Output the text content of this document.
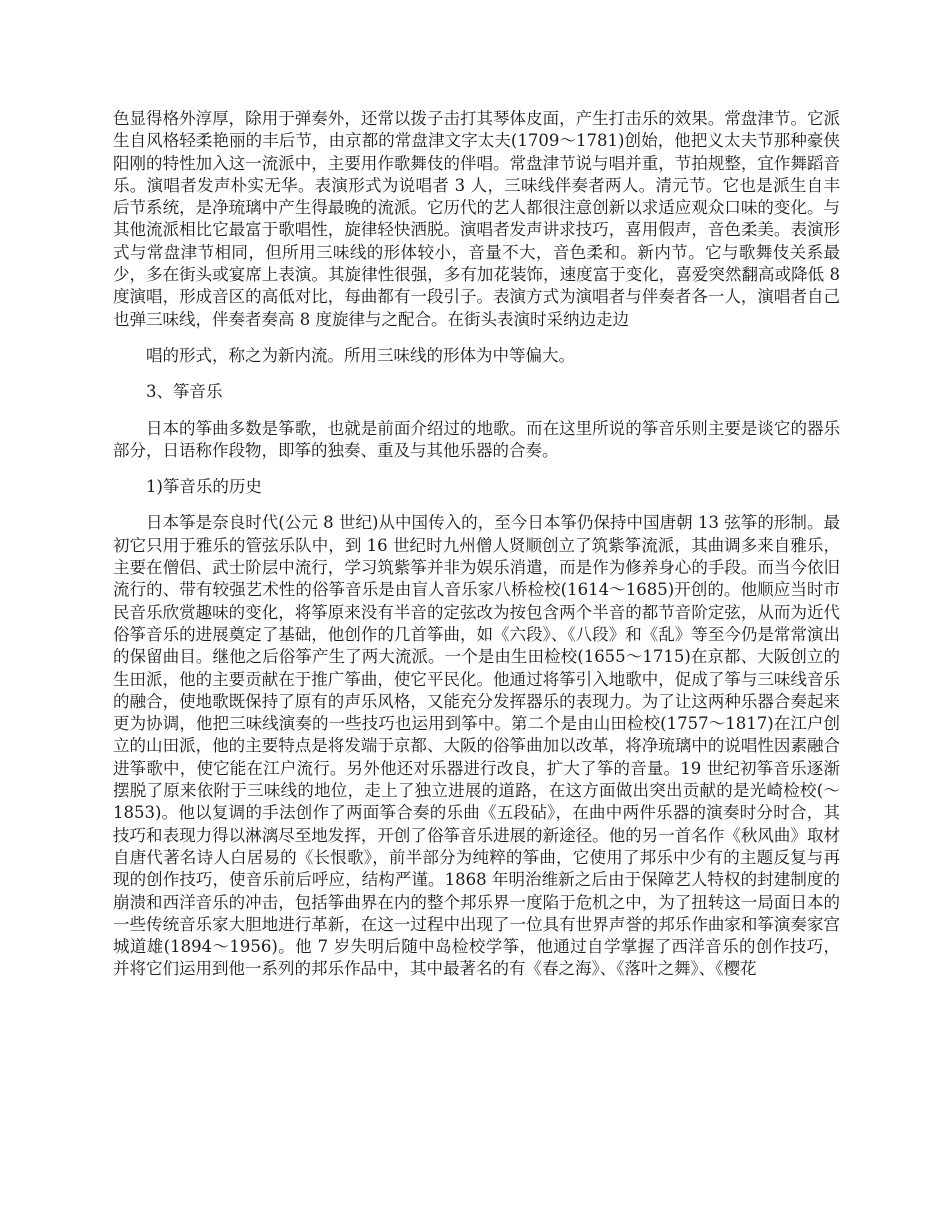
色显得格外淳厚，除用于弹奏外，还常以拨子击打其琴体皮面，产生打击乐的效果。常盘津节。它派生自风格轻柔艳丽的丰后节，由京都的常盘津文字太夫(1709～1781)创始，他把义太夫节那种豪侠阳刚的特性加入这一流派中，主要用作歌舞伎的伴唱。常盘津节说与唱并重，节拍规整，宜作舞蹈音乐。演唱者发声朴实无华。表演形式为说唱者 3 人，三味线伴奏者两人。清元节。它也是派生自丰后节系统，是净琉璃中产生得最晚的流派。它历代的艺人都很注意创新以求适应观众口味的变化。与其他流派相比它最富于歌唱性，旋律轻快洒脱。演唱者发声讲求技巧，喜用假声，音色柔美。表演形式与常盘津节相同，但所用三味线的形体较小，音量不大，音色柔和。新内节。它与歌舞伎关系最少，多在街头或宴席上表演。其旋律性很强，多有加花装饰，速度富于变化，喜爱突然翻高或降低 8 度演唱，形成音区的高低对比，每曲都有一段引子。表演方式为演唱者与伴奏者各一人，演唱者自己也弹三味线，伴奏者奏高 8 度旋律与之配合。在街头表演时采纳边走边

唱的形式，称之为新内流。所用三味线的形体为中等偏大。

3、筝音乐

日本的筝曲多数是筝歌，也就是前面介绍过的地歌。而在这里所说的筝音乐则主要是谈它的器乐部分，日语称作段物，即筝的独奏、重及与其他乐器的合奏。

1)筝音乐的历史

日本筝是奈良时代(公元 8 世纪)从中国传入的，至今日本筝仍保持中国唐朝 13 弦筝的形制。最初它只用于雅乐的管弦乐队中，到 16 世纪时九州僧人贤顺创立了筑紫筝流派，其曲调多来自雅乐，主要在僧侣、武士阶层中流行，学习筑紫筝并非为娱乐消遣，而是作为修养身心的手段。而当今依旧流行的、带有较强艺术性的俗筝音乐是由盲人音乐家八桥检校(1614～1685)开创的。他顺应当时市民音乐欣赏趣味的变化，将筝原来没有半音的定弦改为按包含两个半音的都节音阶定弦，从而为近代俗筝音乐的进展奠定了基础，他创作的几首筝曲，如《六段》、《八段》和《乱》等至今仍是常常演出的保留曲目。继他之后俗筝产生了两大流派。一个是由生田检校(1655～1715)在京都、大阪创立的生田派，他的主要贡献在于推广筝曲，使它平民化。他通过将筝引入地歌中，促成了筝与三味线音乐的融合，使地歌既保持了原有的声乐风格，又能充分发挥器乐的表现力。为了让这两种乐器合奏起来更为协调，他把三味线演奏的一些技巧也运用到筝中。第二个是由山田检校(1757～1817)在江户创立的山田派，他的主要特点是将发端于京都、大阪的俗筝曲加以改革，将净琉璃中的说唱性因素融合进筝歌中，使它能在江户流行。另外他还对乐器进行改良，扩大了筝的音量。19 世纪初筝音乐逐渐摆脱了原来依附于三味线的地位，走上了独立进展的道路，在这方面做出突出贡献的是光崎检校(～1853)。他以复调的手法创作了两面筝合奏的乐曲《五段砧》，在曲中两件乐器的演奏时分时合，其技巧和表现力得以淋漓尽至地发挥，开创了俗筝音乐进展的新途径。他的另一首名作《秋风曲》取材自唐代著名诗人白居易的《长恨歌》，前半部分为纯粹的筝曲，它使用了邦乐中少有的主题反复与再现的创作技巧，使音乐前后呼应，结构严谨。1868 年明治维新之后由于保障艺人特权的封建制度的崩溃和西洋音乐的冲击，包括筝曲界在内的整个邦乐界一度陷于危机之中，为了扭转这一局面日本的一些传统音乐家大胆地进行革新，在这一过程中出现了一位具有世界声誉的邦乐作曲家和筝演奏家宫城道雄(1894～1956)。他 7 岁失明后随中岛检校学筝，他通过自学掌握了西洋音乐的创作技巧，并将它们运用到他一系列的邦乐作品中，其中最著名的有《春之海》、《落叶之舞》、《樱花
